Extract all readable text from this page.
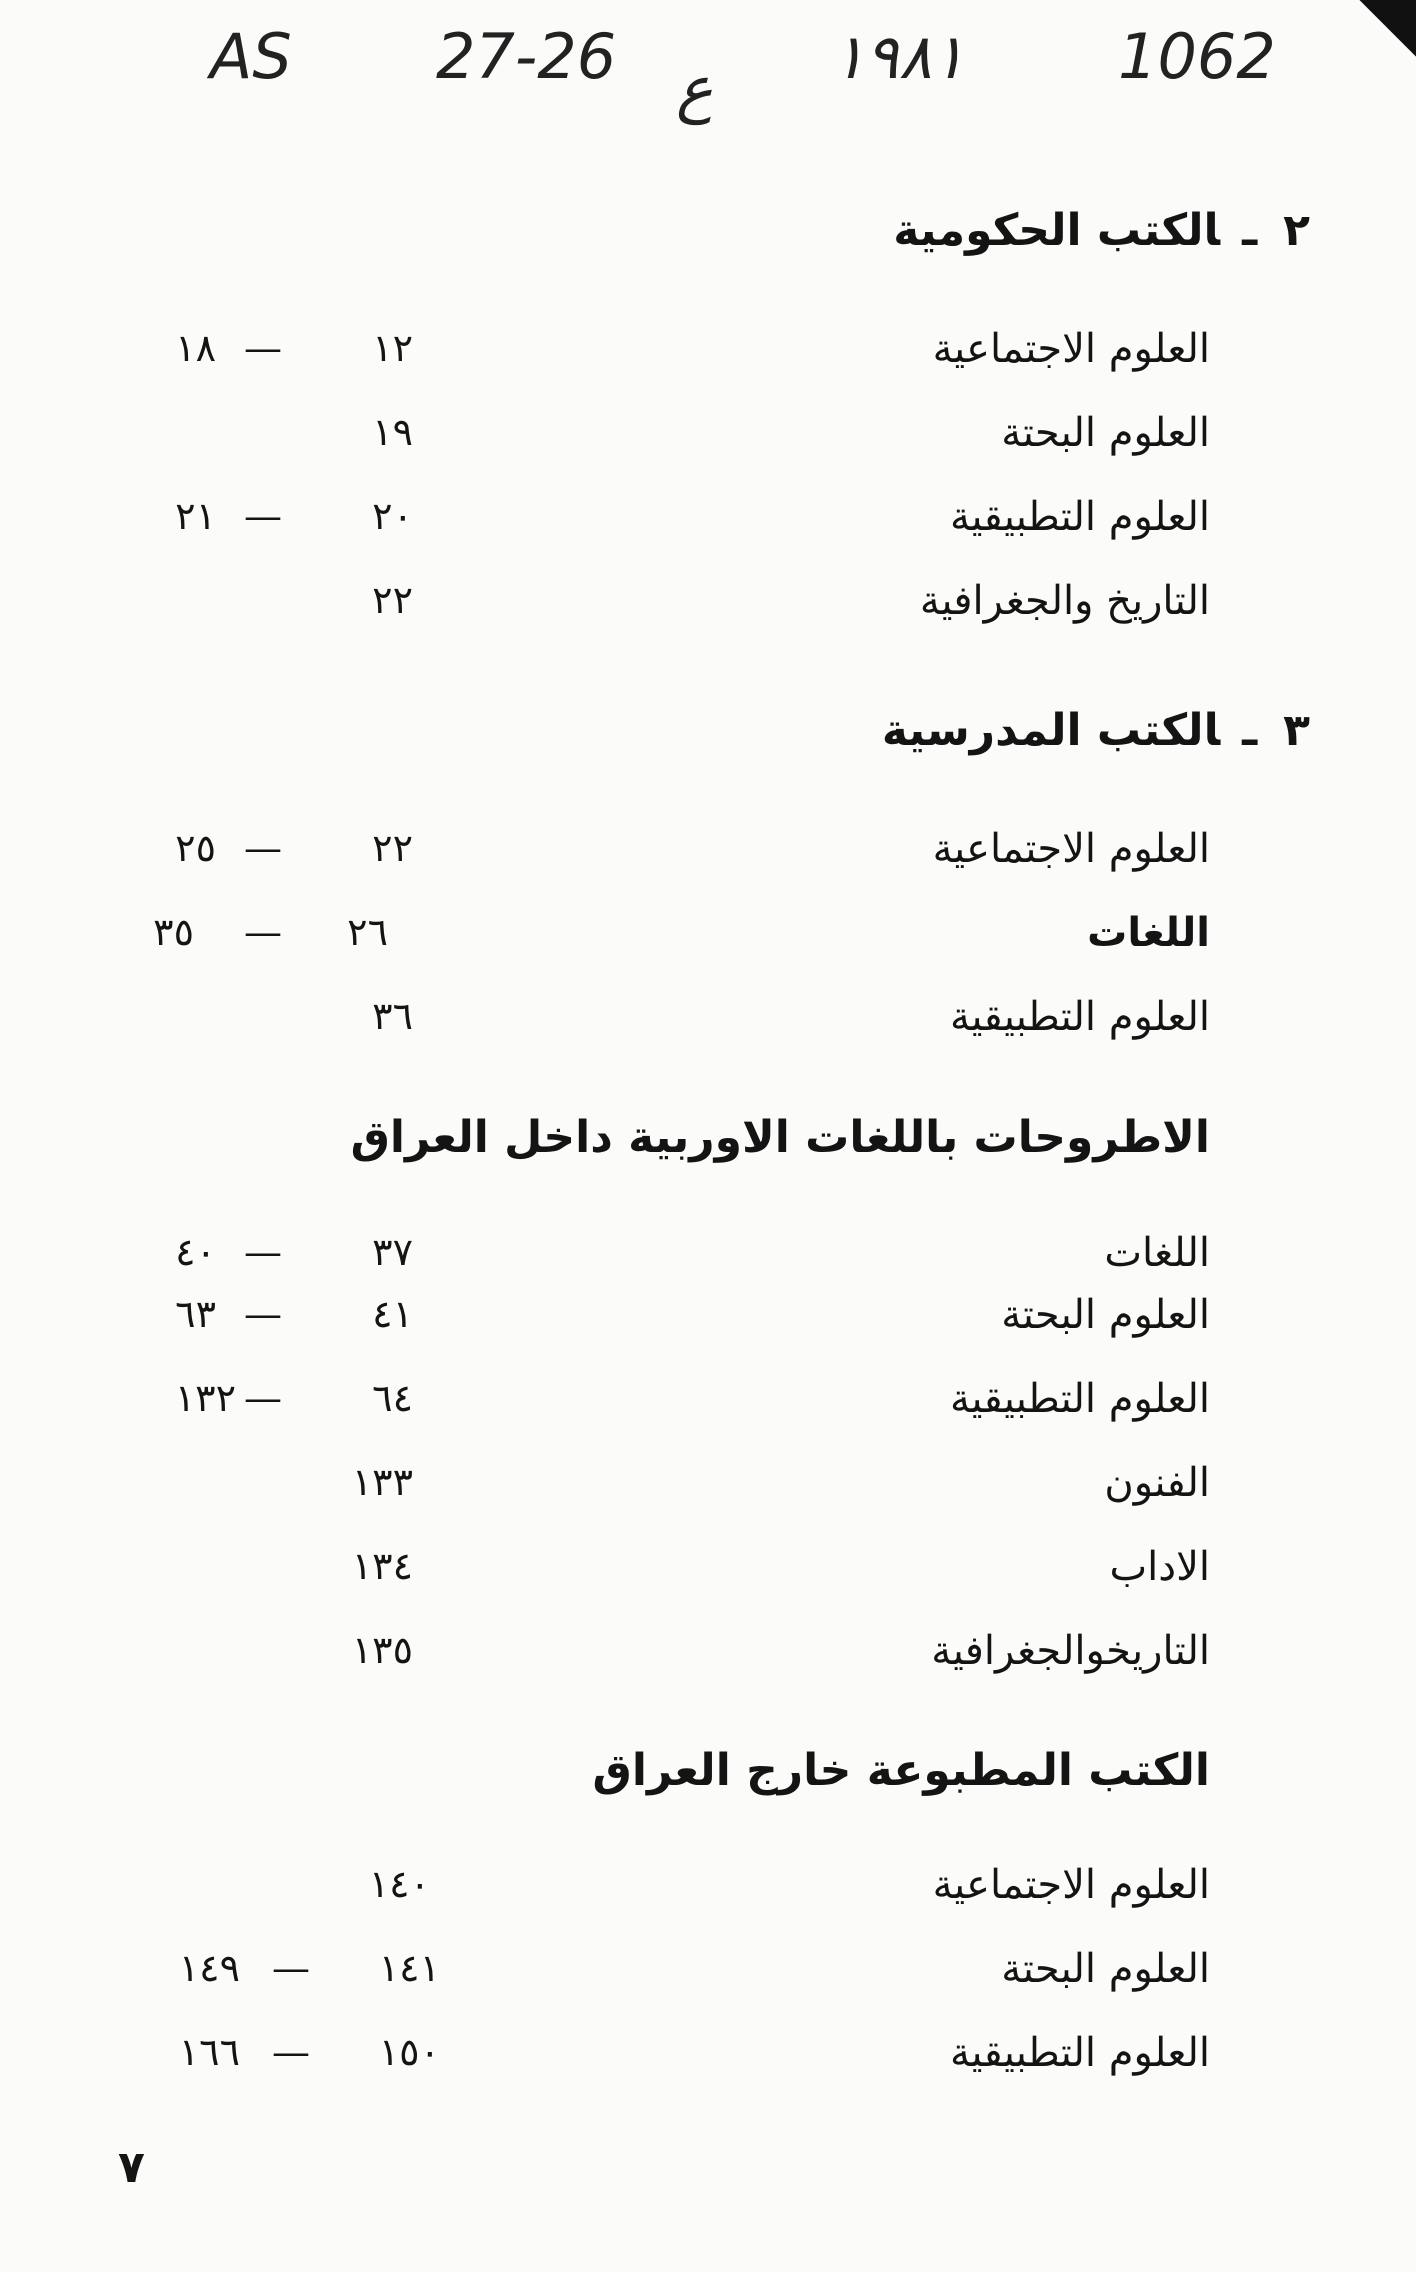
AS 27-26 ع ١٩٨١ 1062
٢ـالكتب الحكومية
العلوم الاجتماعية
١٢
—
١٨
العلوم البحتة
١٩
العلوم التطبيقية
٢٠
—
٢١
التاريخ والجغرافية
٢٢
٣ـالكتب المدرسية
العلوم الاجتماعية
٢٢
—
٢٥
اللغات
٢٦
—
٣٥
العلوم التطبيقية
٣٦
الاطروحات باللغات الاوربية داخل العراق
اللغات
٣٧
—
٤٠
العلوم البحتة
٤١
—
٦٣
العلوم التطبيقية
٦٤
—
١٣٢
الفنون
١٣٣
الاداب
١٣٤
التاريخوالجغرافية
١٣٥
الكتب المطبوعة خارج العراق
العلوم الاجتماعية
١٤٠
العلوم البحتة
١٤١
—
١٤٩
العلوم التطبيقية
١٥٠
—
١٦٦
٧
